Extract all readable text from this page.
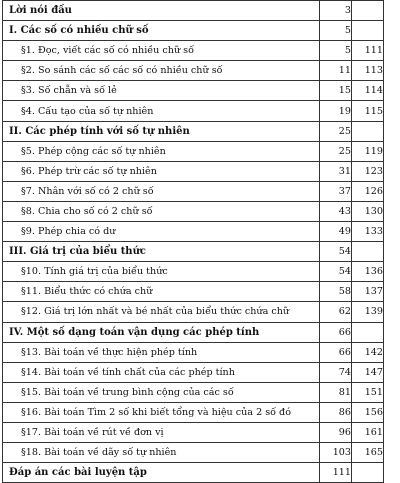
Lời nói đầu	3	
I. Các số có nhiều chữ số	5	
§1. Đọc, viết các số có nhiều chữ số	5	111
§2. So sánh các số các số có nhiều chữ số	11	113
§3. Số chẵn và số lẻ	15	114
§4. Cấu tạo của số tự nhiên	19	115
II. Các phép tính với số tự nhiên	25	
§5. Phép cộng các số tự nhiên	25	119
§6. Phép trừ các số tự nhiên	31	123
§7. Nhân với số có 2 chữ số	37	126
§8. Chia cho số có 2 chữ số	43	130
§9. Phép chia có dư	49	133
III. Giá trị của biểu thức	54	
§10. Tính giá trị của biểu thức	54	136
§11. Biểu thức có chứa chữ	58	137
§12. Giá trị lớn nhất và bé nhất của biểu thức chứa chữ	62	139
IV. Một số dạng toán vận dụng các phép tính	66	
§13. Bài toán về thực hiện phép tính	66	142
§14. Bài toán về tính chất của các phép tính	74	147
§15. Bài toán về trung bình cộng của các số	81	151
§16. Bài toán Tìm 2 số khi biết tổng và hiệu của 2 số đó	86	156
§17. Bài toán về rút về đơn vị	96	161
§18. Bài toán về dãy số tự nhiên	103	165
Đáp án các bài luyện tập	111	
